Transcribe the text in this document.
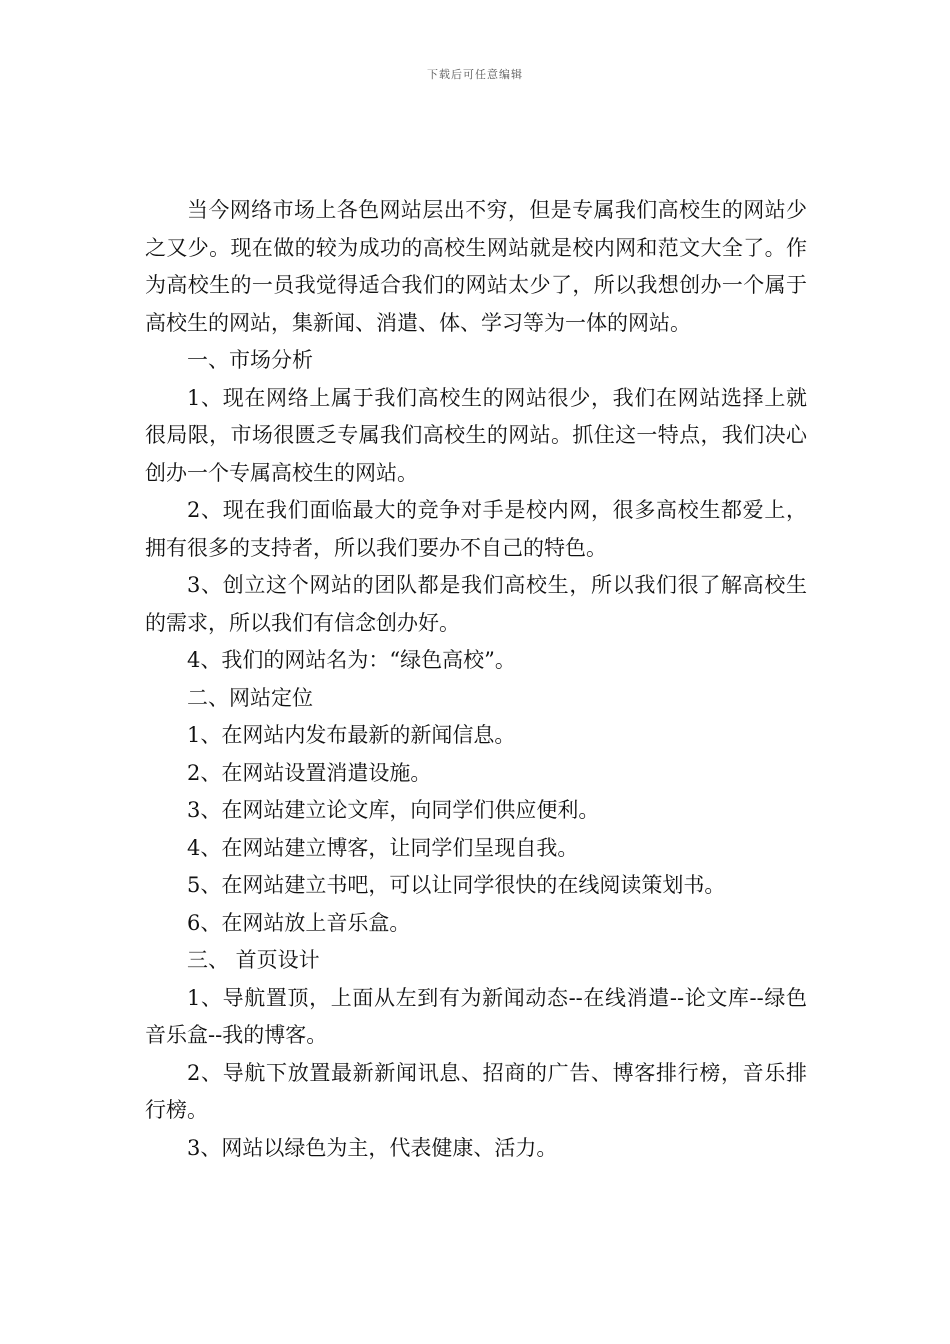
下载后可任意编辑

当今网络市场上各色网站层出不穷，但是专属我们高校生的网站少之又少。现在做的较为成功的高校生网站就是校内网和范文大全了。作为高校生的一员我觉得适合我们的网站太少了，所以我想创办一个属于高校生的网站，集新闻、消遣、体、学习等为一体的网站。

一、市场分析

1、现在网络上属于我们高校生的网站很少，我们在网站选择上就很局限，市场很匮乏专属我们高校生的网站。抓住这一特点，我们决心创办一个专属高校生的网站。

2、现在我们面临最大的竞争对手是校内网，很多高校生都爱上，拥有很多的支持者，所以我们要办不自己的特色。

3、创立这个网站的团队都是我们高校生，所以我们很了解高校生的需求，所以我们有信念创办好。

4、我们的网站名为：“绿色高校”。

二、网站定位

1、在网站内发布最新的新闻信息。

2、在网站设置消遣设施。

3、在网站建立论文库，向同学们供应便利。

4、在网站建立博客，让同学们呈现自我。

5、在网站建立书吧，可以让同学很快的在线阅读策划书。

6、在网站放上音乐盒。

三、 首页设计

1、导航置顶，上面从左到有为新闻动态--在线消遣--论文库--绿色音乐盒--我的博客。

2、导航下放置最新新闻讯息、招商的广告、博客排行榜，音乐排行榜。

3、网站以绿色为主，代表健康、活力。
